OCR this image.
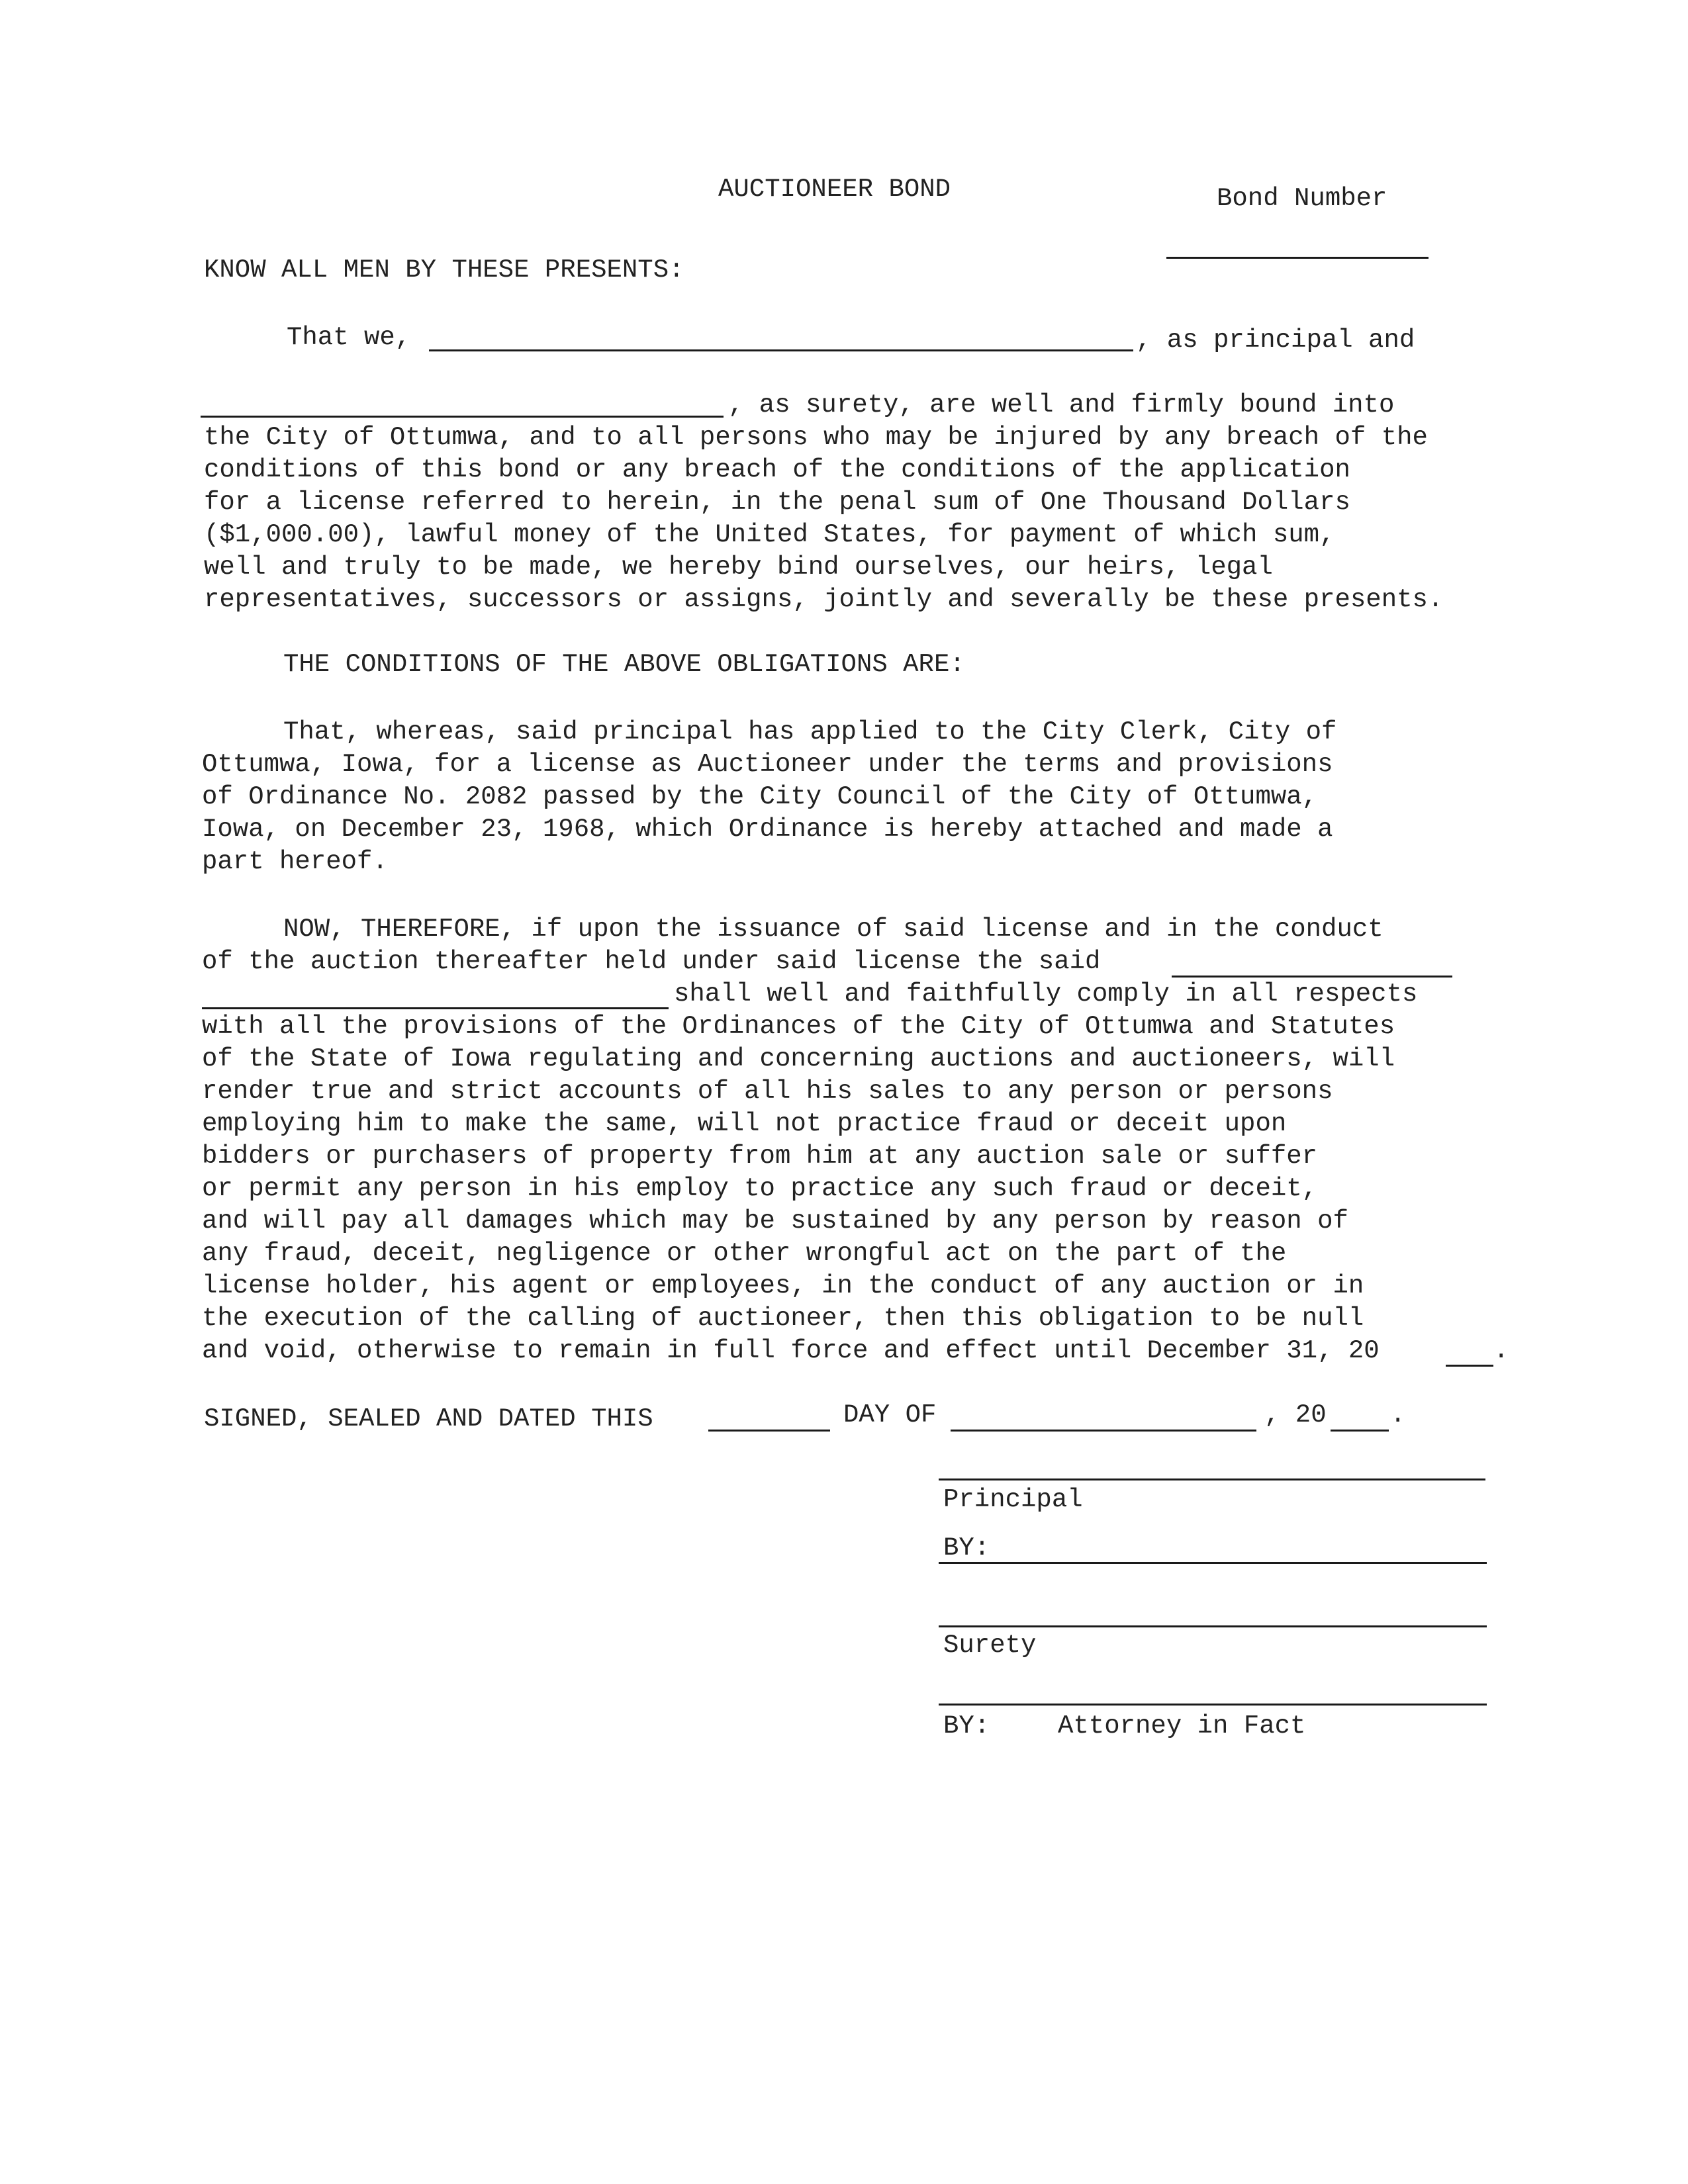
AUCTIONEER BOND	Bond Number
KNOW ALL MEN BY THESE PRESENTS:
That we,	, as principal and
, as surety, are well and firmly bound into
the City of Ottumwa, and to all persons who may be injured by any breach of the
conditions of this bond or any breach of the conditions of the application
for a license referred to herein, in the penal sum of One Thousand Dollars
($1,000.00), lawful money of the United States, for payment of which sum,
well and truly to be made, we hereby bind ourselves, our heirs, legal
representatives, successors or assigns, jointly and severally be these presents.
THE CONDITIONS OF THE ABOVE OBLIGATIONS ARE:
That, whereas, said principal has applied to the City Clerk, City of
Ottumwa, Iowa, for a license as Auctioneer under the terms and provisions
of Ordinance No. 2082 passed by the City Council of the City of Ottumwa,
Iowa, on December 23, 1968, which Ordinance is hereby attached and made a
part hereof.
NOW, THEREFORE, if upon the issuance of said license and in the conduct
of the auction thereafter held under said license the said
shall well and faithfully comply in all respects
with all the provisions of the Ordinances of the City of Ottumwa and Statutes
of the State of Iowa regulating and concerning auctions and auctioneers, will
render true and strict accounts of all his sales to any person or persons
employing him to make the same, will not practice fraud or deceit upon
bidders or purchasers of property from him at any auction sale or suffer
or permit any person in his employ to practice any such fraud or deceit,
and will pay all damages which may be sustained by any person by reason of
any fraud, deceit, negligence or other wrongful act on the part of the
license holder, his agent or employees, in the conduct of any auction or in
the execution of the calling of auctioneer, then this obligation to be null
and void, otherwise to remain in full force and effect until December 31, 20	.
SIGNED, SEALED AND DATED THIS	DAY OF	, 20 .
Principal
BY:
Surety
BY:	Attorney in Fact
